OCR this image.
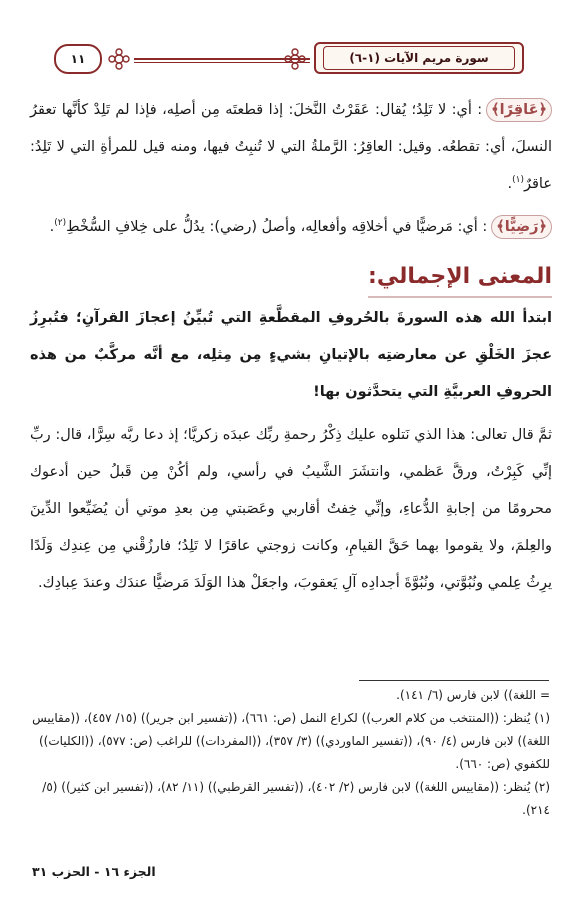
١١	سورة مريم الآيات (١-٦)

﴿عَاقِرًا﴾: أي: لا تَلِدُ؛ يُقال: عَقَرْتُ النَّخلَ: إذا قطعتَه مِن أصلِه، فإذا لم تَلِدْ كأنَّها تعقرُ النسلَ، أي: تقطعُه. وقيل: العاقِرُ: الرَّملةُ التي لا تُنبِتُ فيها، ومنه قيل للمرأةِ التي لا تَلِدُ: عاقرٌ$^{(١)}$.

﴿رَضِيًّا﴾: أي: مَرضيًّا في أخلاقِه وأفعالِه، وأصلُ (رضي): يدُلُّ على خِلافِ السُّخْطِ$^{(٢)}$.

المعنى الإجمالي:

ابتدأ الله هذه السورةَ بالحُروفِ المقطَّعةِ التي تُبيِّنُ إعجازَ القرآنِ؛ فتُبرِزُ عجزَ الخَلْقِ عن معارضتِه بالإتيانِ بشيءٍ مِن مِثلِه، مع أنَّه مركَّبٌ من هذه الحروفِ العربيَّةِ التي يتحدَّثون بها!

ثمَّ قال تعالى: هذا الذي نَتلوه عليك ذِكْرُ رحمةِ ربِّك عبدَه زكريَّا؛ إذ دعا ربَّه سِرًّا، قال: ربِّ إنِّي كَبِرْتُ، ورقَّ عَظمي، وانتشَرَ الشَّيبُ في رأسي، ولم أكُنْ مِن قَبلُ حين أدعوك محرومًا من إجابةِ الدُّعاءِ، وإنِّي خِفتُ أقاربي وعَصَبتي مِن بعدِ موتي أن يُضَيِّعوا الدِّينَ والعِلمَ، ولا يقوموا بهما حَقَّ القيامِ، وكانت زوجتي عاقرًا لا تَلِدُ؛ فارزُقْني مِن عِندِك وَلَدًا يرِثُ عِلمي ونُبُوَّتي، ونُبُوَّةَ أجدادِه آلِ يَعقوبَ، واجعَلْ هذا الوَلَدَ مَرضيًّا عندَك وعندَ عِبادِك.

= اللغة)) لابن فارس (٦/ ١٤١).

(١) يُنظر: ((المنتخب من كلام العرب)) لكراع النمل (ص: ٦٦١)، ((تفسير ابن جرير)) (١٥/ ٤٥٧)، ((مقاييس اللغة)) لابن فارس (٤/ ٩٠)، ((تفسير الماوردي)) (٣/ ٣٥٧)، ((المفردات)) للراغب (ص: ٥٧٧)، ((الكليات)) للكفوي (ص: ٦٦٠).

(٢) يُنظر: ((مقاييس اللغة)) لابن فارس (٢/ ٤٠٢)، ((تفسير القرطبي)) (١١/ ٨٢)، ((تفسير ابن كثير)) (٥/ ٢١٤).

الجزء ١٦ - الحزب ٣١
